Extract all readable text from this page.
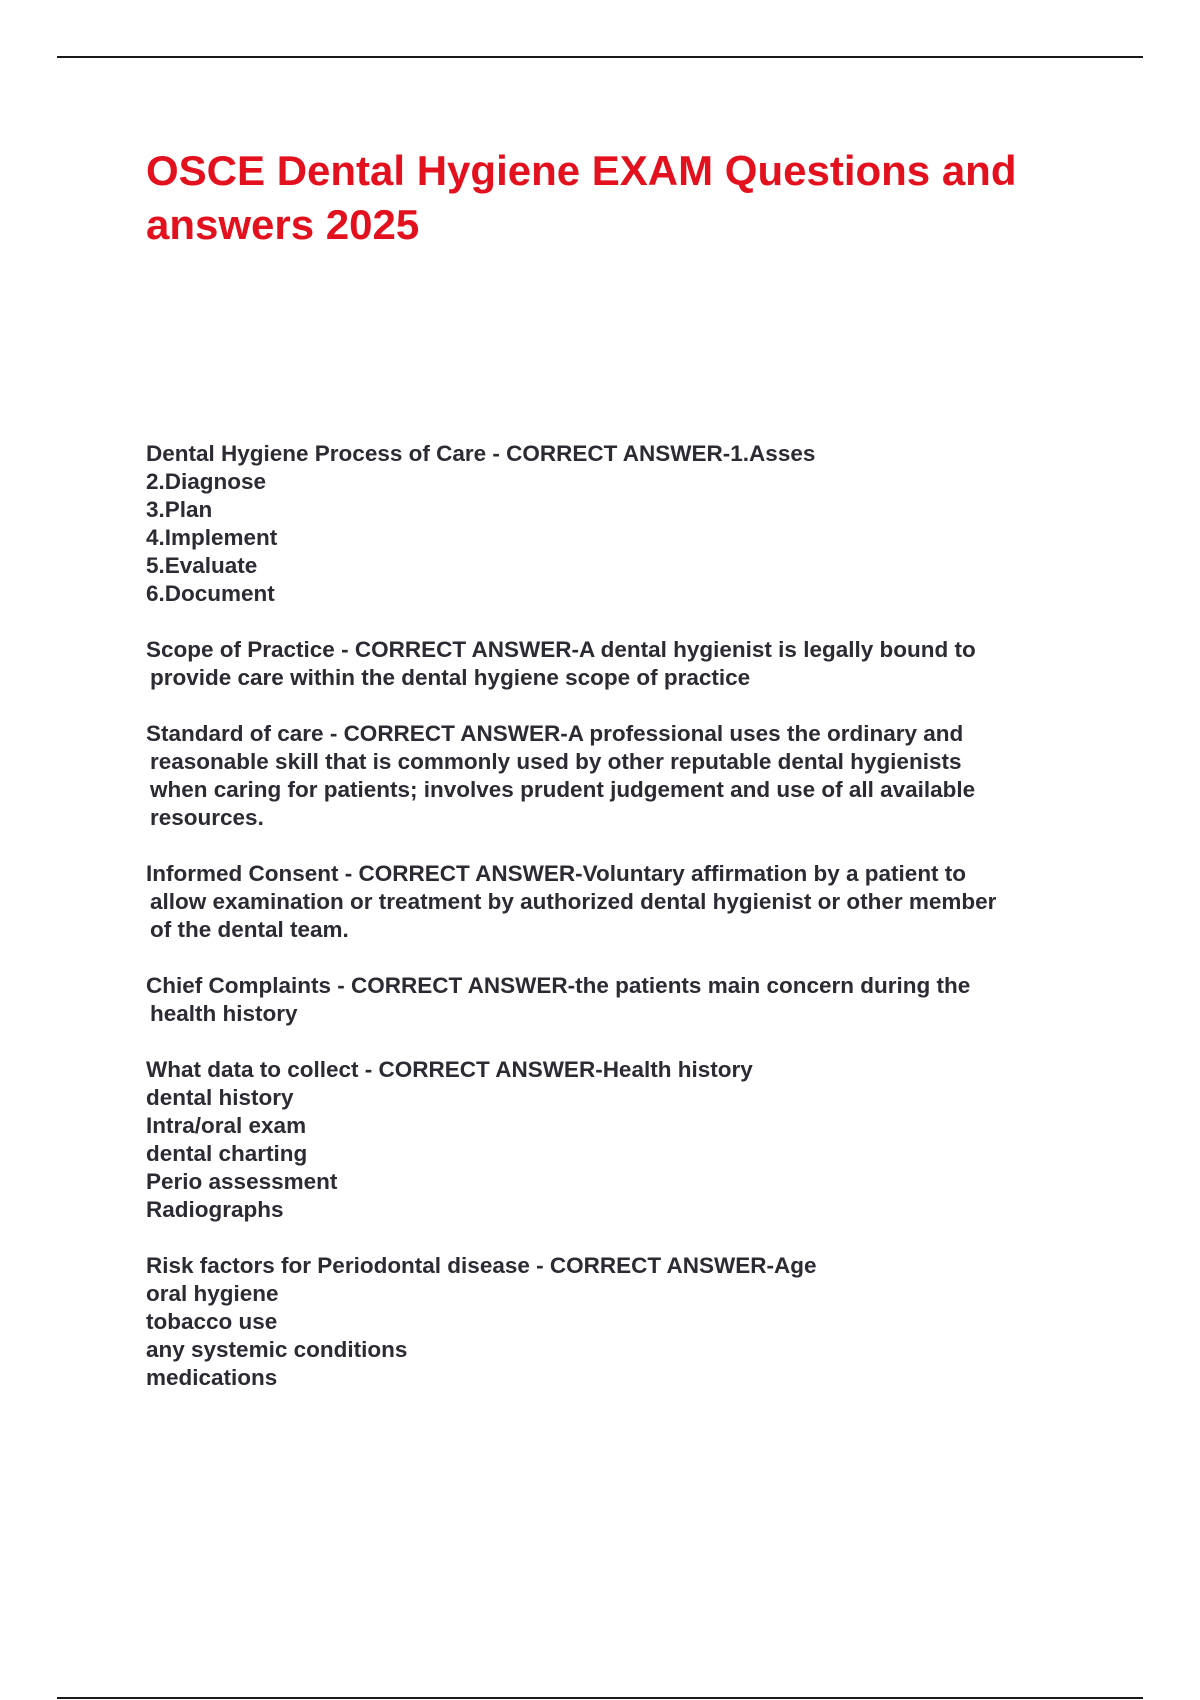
OSCE Dental Hygiene EXAM Questions and answers 2025
Dental Hygiene Process of Care - CORRECT ANSWER-1.Asses
2.Diagnose
3.Plan
4.Implement
5.Evaluate
6.Document
Scope of Practice - CORRECT ANSWER-A dental hygienist is legally bound to
provide care within the dental hygiene scope of practice
Standard of care - CORRECT ANSWER-A professional uses the ordinary and
reasonable skill that is commonly used by other reputable dental hygienists
when caring for patients; involves prudent judgement and use of all available
resources.
Informed Consent - CORRECT ANSWER-Voluntary affirmation by a patient to
allow examination or treatment by authorized dental hygienist or other member
of the dental team.
Chief Complaints - CORRECT ANSWER-the patients main concern during the
health history
What data to collect - CORRECT ANSWER-Health history
dental history
Intra/oral exam
dental charting
Perio assessment
Radiographs
Risk factors for Periodontal disease - CORRECT ANSWER-Age
oral hygiene
tobacco use
any systemic conditions
medications
